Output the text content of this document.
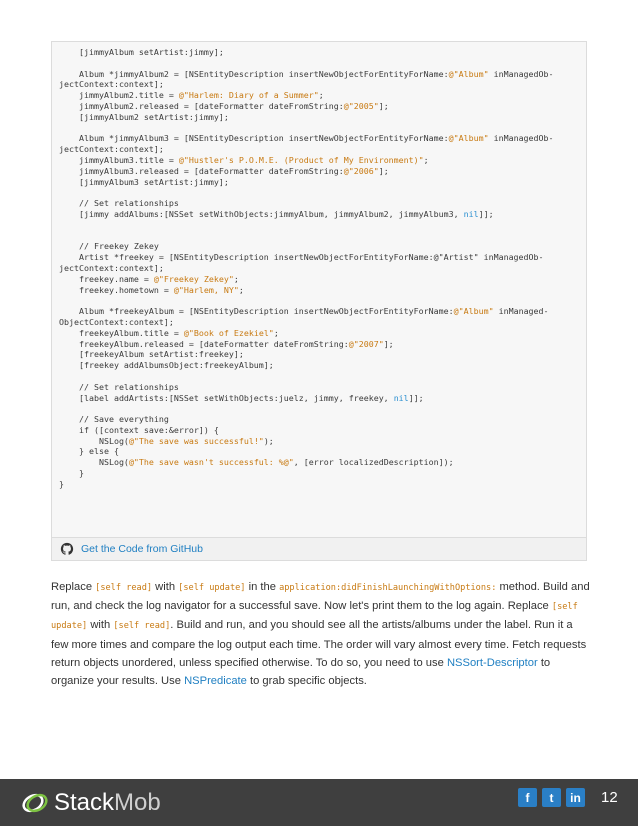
[jimmyAlbum setArtist:jimmy];
Album *jimmyAlbum2 = [NSEntityDescription insertNewObjectForEntityForName:@"Album" inManagedOb-
jectContext:context];
jimmyAlbum2.title = @"Harlem: Diary of a Summer";
jimmyAlbum2.released = [dateFormatter dateFromString:@"2005"];
[jimmyAlbum2 setArtist:jimmy];
Album *jimmyAlbum3 = [NSEntityDescription insertNewObjectForEntityForName:@"Album" inManagedOb-
jectContext:context];
jimmyAlbum3.title = @"Hustler's P.O.M.E. (Product of My Environment)";
jimmyAlbum3.released = [dateFormatter dateFromString:@"2006"];
[jimmyAlbum3 setArtist:jimmy];
// Set relationships
[jimmy addAlbums:[NSSet setWithObjects:jimmyAlbum, jimmyAlbum2, jimmyAlbum3, nil]];
// Freekey Zekey
Artist *freekey = [NSEntityDescription insertNewObjectForEntityForName:@"Artist" inManagedOb-
jectContext:context];
freekey.name = @"Freekey Zekey";
freekey.hometown = @"Harlem, NY";
Album *freekeyAlbum = [NSEntityDescription insertNewObjectForEntityForName:@"Album" inManaged-
ObjectContext:context];
freekeyAlbum.title = @"Book of Ezekiel";
freekeyAlbum.released = [dateFormatter dateFromString:@"2007"];
[freekeyAlbum setArtist:freekey];
[freekey addAlbumsObject:freekeyAlbum];
// Set relationships
[label addArtists:[NSSet setWithObjects:juelz, jimmy, freekey, nil]];
// Save everything
if ([context save:&error]) {
NSLog(@"The save was successful!");
} else {
NSLog(@"The save wasn't successful: %@", [error localizedDescription]);
}
}
Get the Code from GitHub
Replace [self read] with [self update] in the application:didFinishLaunchingWithOptions: method. Build and run, and check the log navigator for a successful save. Now let's print them to the log again. Replace [self update] with [self read]. Build and run, and you should see all the artists/albums under the label. Run it a few more times and compare the log output each time. The order will vary almost every time. Fetch requests return objects unordered, unless specified otherwise. To do so, you need to use NSSort-Descriptor to organize your results. Use NSPredicate to grab specific objects.
StackMob	f	t	in 12
